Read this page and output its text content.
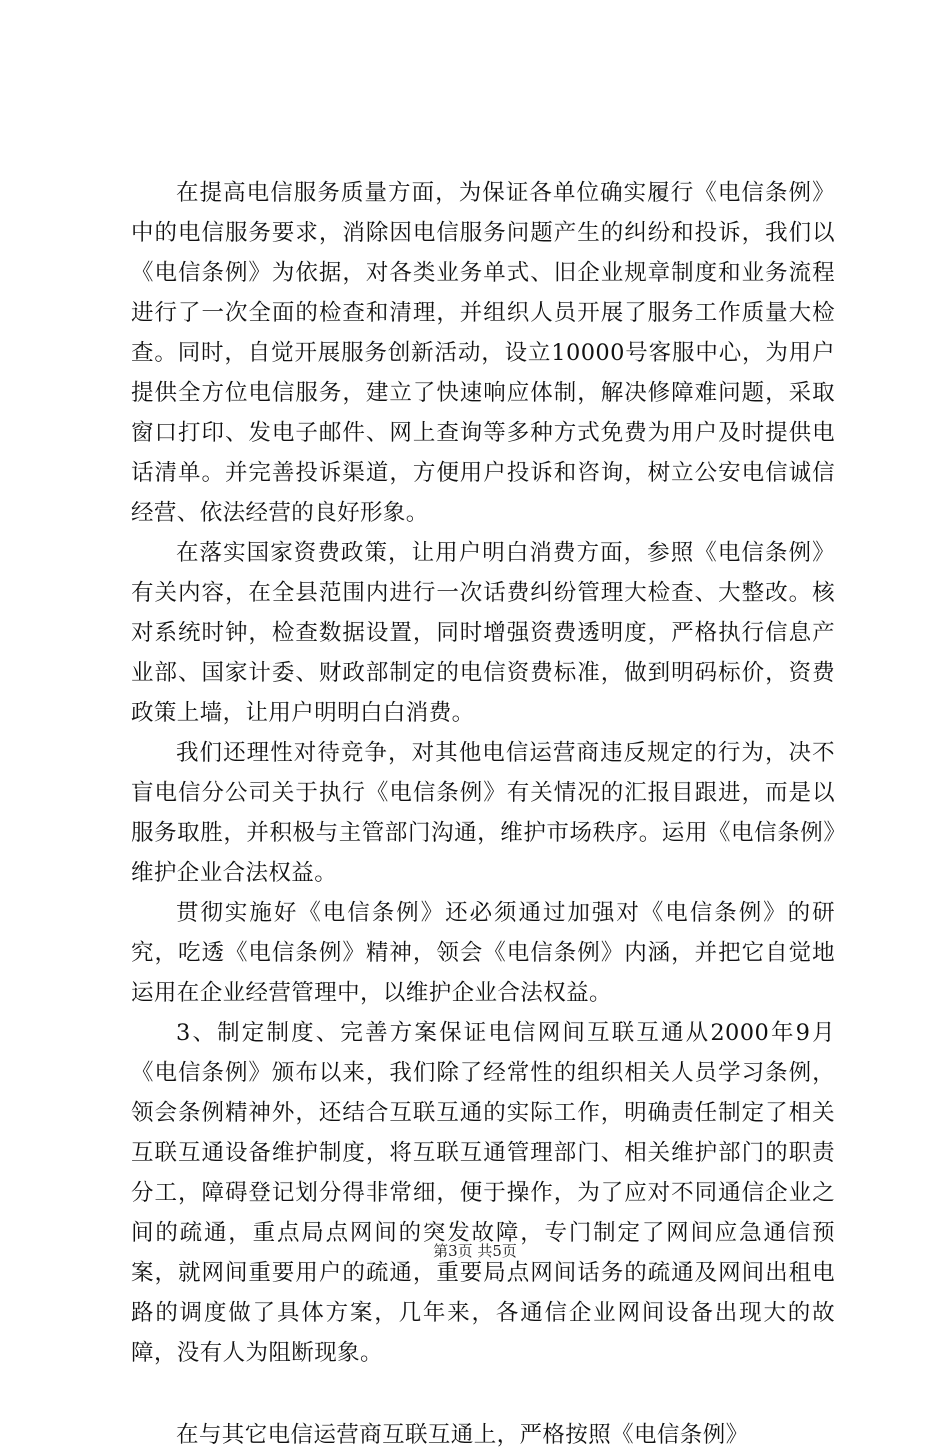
在提高电信服务质量方面，为保证各单位确实履行《电信条例》中的电信服务要求，消除因电信服务问题产生的纠纷和投诉，我们以《电信条例》为依据，对各类业务单式、旧企业规章制度和业务流程进行了一次全面的检查和清理，并组织人员开展了服务工作质量大检查。同时，自觉开展服务创新活动，设立10000号客服中心，为用户提供全方位电信服务，建立了快速响应体制，解决修障难问题，采取窗口打印、发电子邮件、网上查询等多种方式免费为用户及时提供电话清单。并完善投诉渠道，方便用户投诉和咨询，树立公安电信诚信经营、依法经营的良好形象。

在落实国家资费政策，让用户明白消费方面，参照《电信条例》有关内容，在全县范围内进行一次话费纠纷管理大检查、大整改。核对系统时钟，检查数据设置，同时增强资费透明度，严格执行信息产业部、国家计委、财政部制定的电信资费标准，做到明码标价，资费政策上墙，让用户明明白白消费。

我们还理性对待竞争，对其他电信运营商违反规定的行为，决不盲电信分公司关于执行《电信条例》有关情况的汇报目跟进，而是以服务取胜，并积极与主管部门沟通，维护市场秩序。运用《电信条例》维护企业合法权益。

贯彻实施好《电信条例》还必须通过加强对《电信条例》的研究，吃透《电信条例》精神，领会《电信条例》内涵，并把它自觉地运用在企业经营管理中，以维护企业合法权益。

3、制定制度、完善方案保证电信网间互联互通从2000年9月《电信条例》颁布以来，我们除了经常性的组织相关人员学习条例，领会条例精神外，还结合互联互通的实际工作，明确责任制定了相关互联互通设备维护制度，将互联互通管理部门、相关维护部门的职责分工，障碍登记划分得非常细，便于操作，为了应对不同通信企业之间的疏通，重点局点网间的突发故障，专门制定了网间应急通信预案，就网间重要用户的疏通，重要局点网间话务的疏通及网间出租电路的调度做了具体方案，几年来，各通信企业网间设备出现大的故障，没有人为阻断现象。

在与其它电信运营商互联互通上，严格按照《电信条例》

第3页 共5页
